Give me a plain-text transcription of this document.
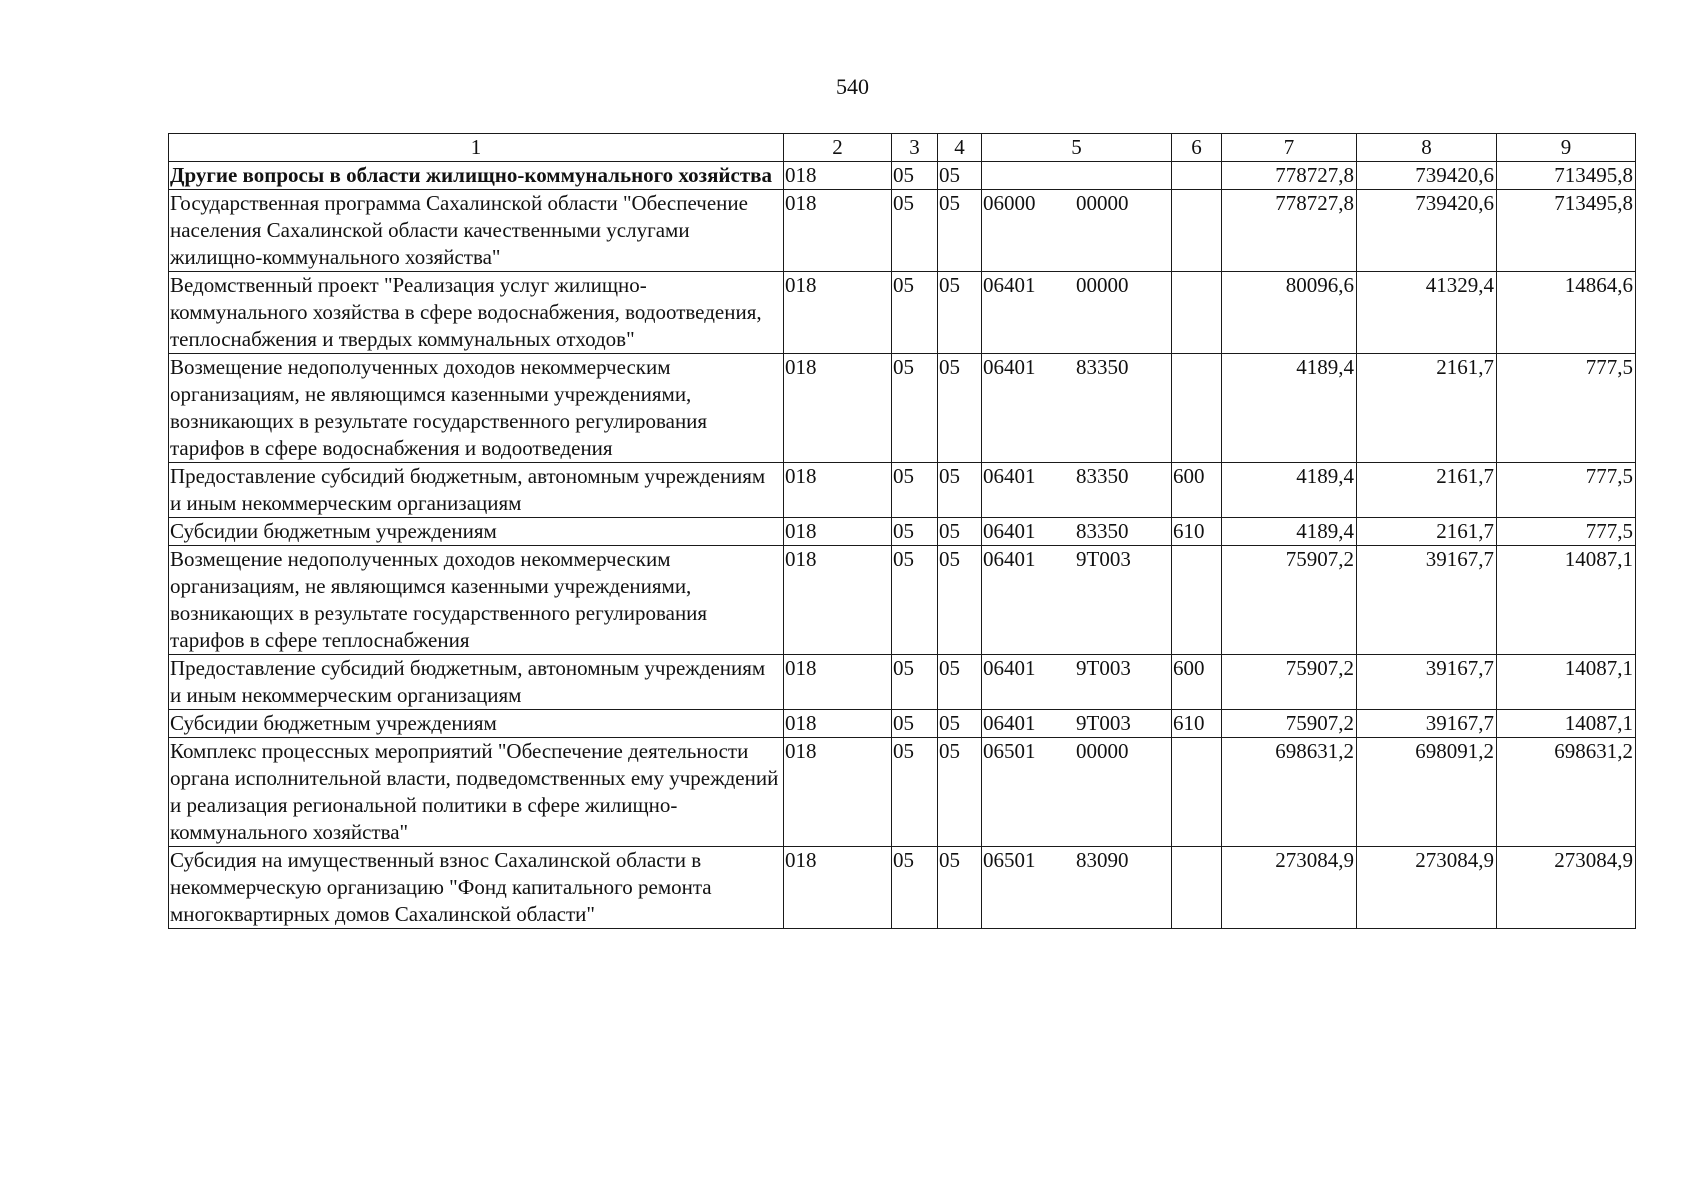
540
1	2	3	4	5	6	7	8	9
Другие вопросы в области жилищно-коммунального хозяйства	018	05	05			778727,8	739420,6	713495,8
Государственная программа Сахалинской области "Обеспечение населения Сахалинской области качественными услугами жилищно-коммунального хозяйства"	018	05	05	06000 00000		778727,8	739420,6	713495,8
Ведомственный проект "Реализация услуг жилищно-коммунального хозяйства в сфере водоснабжения, водоотведения, теплоснабжения и твердых коммунальных отходов"	018	05	05	06401 00000		80096,6	41329,4	14864,6
Возмещение недополученных доходов некоммерческим организациям, не являющимся казенными учреждениями, возникающих в результате государственного регулирования тарифов в сфере водоснабжения и водоотведения	018	05	05	06401 83350		4189,4	2161,7	777,5
Предоставление субсидий бюджетным, автономным учреждениям и иным некоммерческим организациям	018	05	05	06401 83350	600	4189,4	2161,7	777,5
Субсидии бюджетным учреждениям	018	05	05	06401 83350	610	4189,4	2161,7	777,5
Возмещение недополученных доходов некоммерческим организациям, не являющимся казенными учреждениями, возникающих в результате государственного регулирования тарифов в сфере теплоснабжения	018	05	05	06401 9Т003		75907,2	39167,7	14087,1
Предоставление субсидий бюджетным, автономным учреждениям и иным некоммерческим организациям	018	05	05	06401 9Т003	600	75907,2	39167,7	14087,1
Субсидии бюджетным учреждениям	018	05	05	06401 9Т003	610	75907,2	39167,7	14087,1
Комплекс процессных мероприятий "Обеспечение деятельности органа исполнительной власти, подведомственных ему учреждений и реализация региональной политики в сфере жилищно-коммунального хозяйства"	018	05	05	06501 00000		698631,2	698091,2	698631,2
Субсидия на имущественный взнос Сахалинской области в некоммерческую организацию "Фонд капитального ремонта многоквартирных домов Сахалинской области"	018	05	05	06501 83090		273084,9	273084,9	273084,9
